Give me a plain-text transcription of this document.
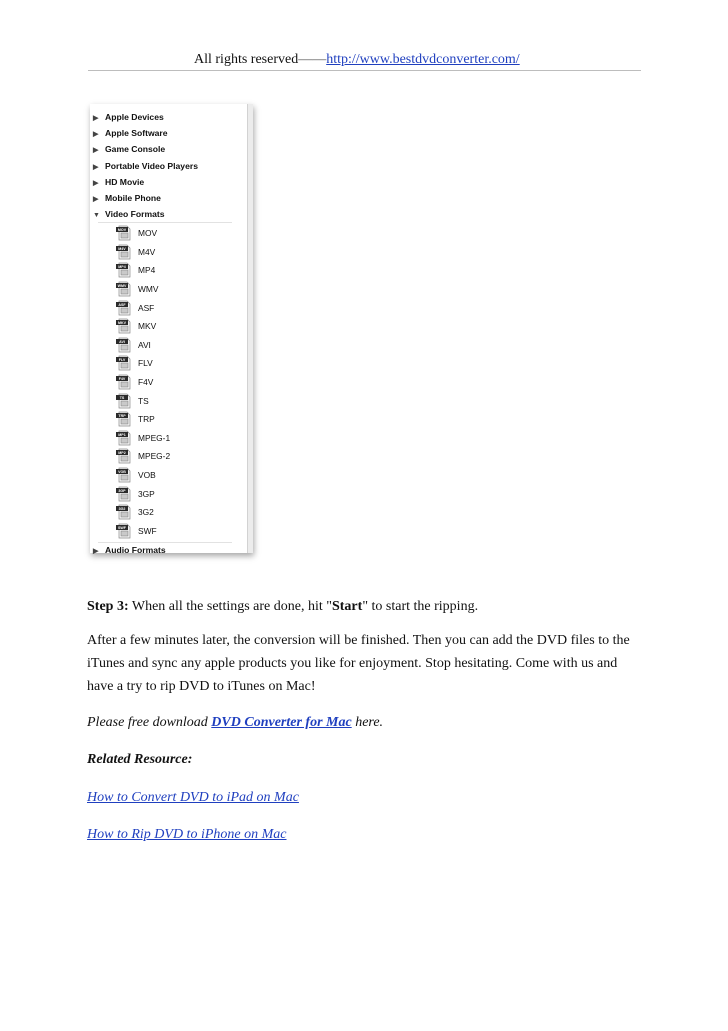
All rights reserved——http://www.bestdvdconverter.com/
▶ Apple Devices
▶ Apple Software
▶ Game Console
▶ Portable Video Players
▶ HD Movie
▶ Mobile Phone
▼ Video Formats
MOV MOV
M4V M4V
MP4 MP4
WMV WMV
ASF ASF
MKV MKV
AVI AVI
FLV FLV
F4V F4V
TS TS
TRP TRP
MP1 MPEG-1
MP2 MPEG-2
VOB VOB
3GP 3GP
3G2 3G2
SWF SWF
▶ Audio Formats

Step 3: When all the settings are done, hit "Start" to start the ripping.

After a few minutes later, the conversion will be finished. Then you can add the DVD files to the iTunes and sync any apple products you like for enjoyment. Stop hesitating. Come with us and have a try to rip DVD to iTunes on Mac!

Please free download DVD Converter for Mac here.

Related Resource:

How to Convert DVD to iPad on Mac

How to Rip DVD to iPhone on Mac
